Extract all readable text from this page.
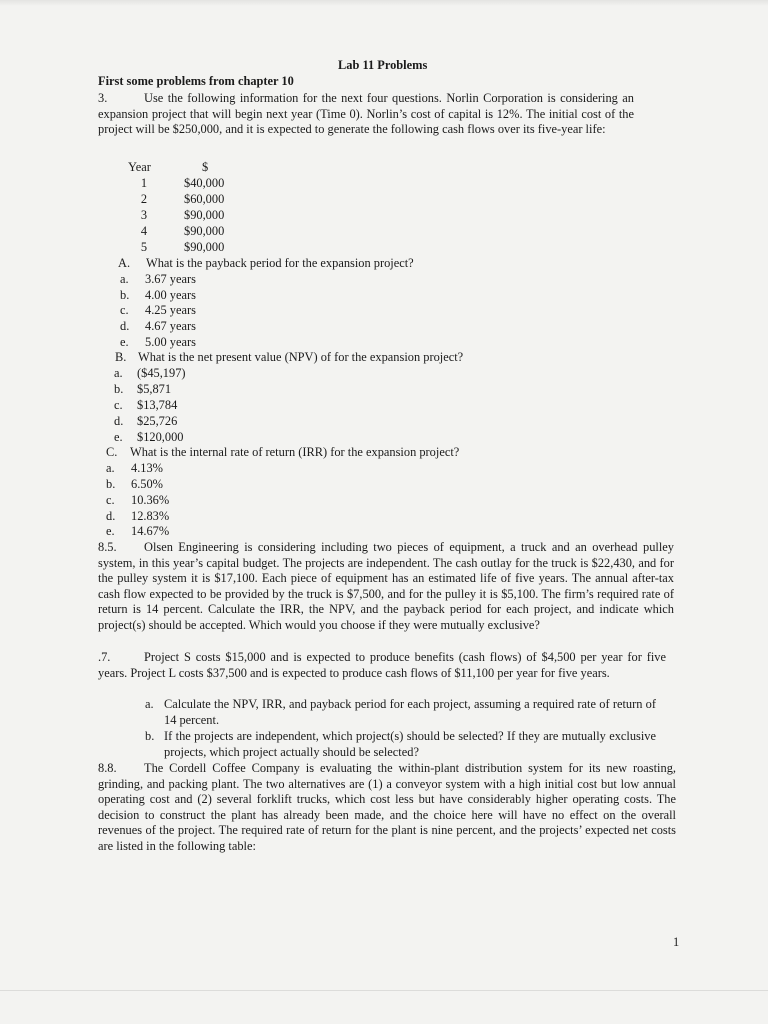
Lab 11 Problems
First some problems from chapter 10
3.	Use the following information for the next four questions. Norlin Corporation is considering an expansion project that will begin next year (Time 0). Norlin’s cost of capital is 12%. The initial cost of the project will be $250,000, and it is expected to generate the following cash flows over its five-year life:
Year	$
1	$40,000
2	$60,000
3	$90,000
4	$90,000
5	$90,000
A. What is the payback period for the expansion project?
a. 3.67 years
b. 4.00 years
c. 4.25 years
d. 4.67 years
e. 5.00 years
B. What is the net present value (NPV) of for the expansion project?
a. ($45,197)
b. $5,871
c. $13,784
d. $25,726
e. $120,000
C. What is the internal rate of return (IRR) for the expansion project?
a. 4.13%
b. 6.50%
c. 10.36%
d. 12.83%
e. 14.67%
8.5. Olsen Engineering is considering including two pieces of equipment, a truck and an overhead pulley system, in this year’s capital budget. The projects are independent. The cash outlay for the truck is $22,430, and for the pulley system it is $17,100. Each piece of equipment has an estimated life of five years. The annual after-tax cash flow expected to be provided by the truck is $7,500, and for the pulley it is $5,100. The firm’s required rate of return is 14 percent. Calculate the IRR, the NPV, and the payback period for each project, and indicate which project(s) should be accepted. Which would you choose if they were mutually exclusive?
.7.	Project S costs $15,000 and is expected to produce benefits (cash flows) of $4,500 per year for five years. Project L costs $37,500 and is expected to produce cash flows of $11,100 per year for five years.
a. Calculate the NPV, IRR, and payback period for each project, assuming a required rate of return of 14 percent.
b. If the projects are independent, which project(s) should be selected? If they are mutually exclusive projects, which project actually should be selected?
8.8. The Cordell Coffee Company is evaluating the within-plant distribution system for its new roasting, grinding, and packing plant. The two alternatives are (1) a conveyor system with a high initial cost but low annual operating cost and (2) several forklift trucks, which cost less but have considerably higher operating costs. The decision to construct the plant has already been made, and the choice here will have no effect on the overall revenues of the project. The required rate of return for the plant is nine percent, and the projects’ expected net costs are listed in the following table:
1
